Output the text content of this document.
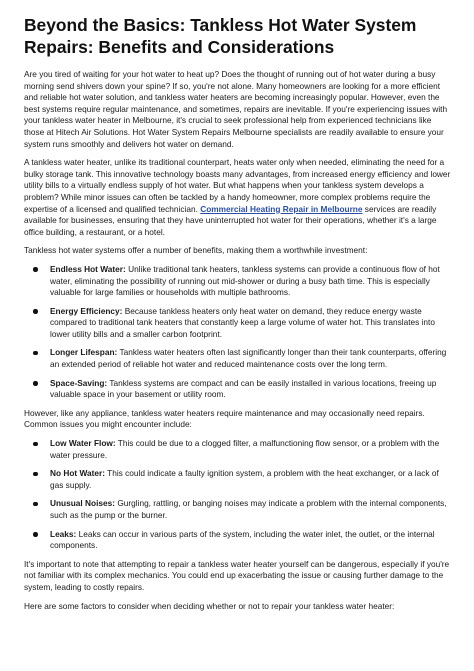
Beyond the Basics: Tankless Hot Water System Repairs: Benefits and Considerations

Are you tired of waiting for your hot water to heat up? Does the thought of running out of hot water during a busy morning send shivers down your spine? If so, you're not alone. Many homeowners are looking for a more efficient and reliable hot water solution, and tankless water heaters are becoming increasingly popular. However, even the best systems require regular maintenance, and sometimes, repairs are inevitable. If you're experiencing issues with your tankless water heater in Melbourne, it's crucial to seek professional help from experienced technicians like those at Hitech Air Solutions. Hot Water System Repairs Melbourne specialists are readily available to ensure your system runs smoothly and delivers hot water on demand.

A tankless water heater, unlike its traditional counterpart, heats water only when needed, eliminating the need for a bulky storage tank. This innovative technology boasts many advantages, from increased energy efficiency and lower utility bills to a virtually endless supply of hot water. But what happens when your tankless system develops a problem? While minor issues can often be tackled by a handy homeowner, more complex problems require the expertise of a licensed and qualified technician. Commercial Heating Repair in Melbourne services are readily available for businesses, ensuring that they have uninterrupted hot water for their operations, whether it's a large office building, a restaurant, or a hotel.

Tankless hot water systems offer a number of benefits, making them a worthwhile investment:

Endless Hot Water: Unlike traditional tank heaters, tankless systems can provide a continuous flow of hot water, eliminating the possibility of running out mid-shower or during a busy bath time. This is especially valuable for large families or households with multiple bathrooms.
Energy Efficiency: Because tankless heaters only heat water on demand, they reduce energy waste compared to traditional tank heaters that constantly keep a large volume of water hot. This translates into lower utility bills and a smaller carbon footprint.
Longer Lifespan: Tankless water heaters often last significantly longer than their tank counterparts, offering an extended period of reliable hot water and reduced maintenance costs over the long term.
Space-Saving: Tankless systems are compact and can be easily installed in various locations, freeing up valuable space in your basement or utility room.

However, like any appliance, tankless water heaters require maintenance and may occasionally need repairs. Common issues you might encounter include:

Low Water Flow: This could be due to a clogged filter, a malfunctioning flow sensor, or a problem with the water pressure.
No Hot Water: This could indicate a faulty ignition system, a problem with the heat exchanger, or a lack of gas supply.
Unusual Noises: Gurgling, rattling, or banging noises may indicate a problem with the internal components, such as the pump or the burner.
Leaks: Leaks can occur in various parts of the system, including the water inlet, the outlet, or the internal components.

It's important to note that attempting to repair a tankless water heater yourself can be dangerous, especially if you're not familiar with its complex mechanics. You could end up exacerbating the issue or causing further damage to the system, leading to costly repairs.

Here are some factors to consider when deciding whether or not to repair your tankless water heater:
